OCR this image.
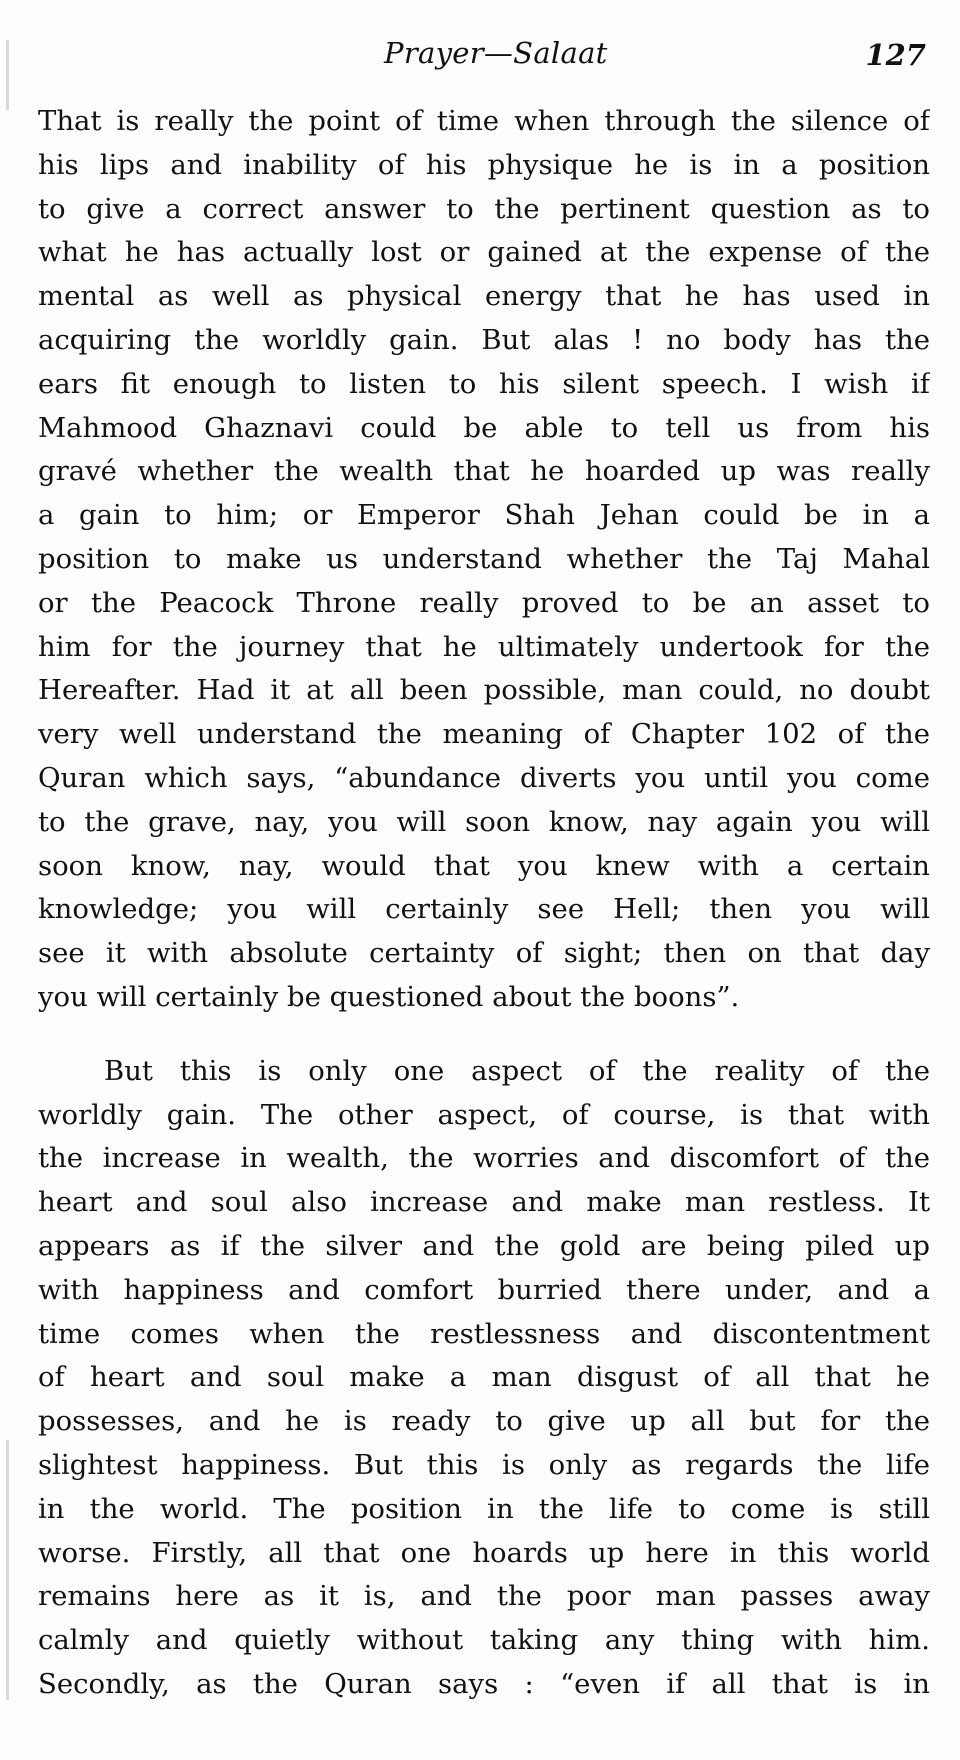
Prayer—Salaat	127
That is really the point of time when through the silence of
his lips and inability of his physique he is in a position
to give a correct answer to the pertinent question as to
what he has actually lost or gained at the expense of the
mental as well as physical energy that he has used in
acquiring the worldly gain. But alas ! no body has the
ears fit enough to listen to his silent speech. I wish if
Mahmood Ghaznavi could be able to tell us from his
gravé whether the wealth that he hoarded up was really
a gain to him; or Emperor Shah Jehan could be in a
position to make us understand whether the Taj Mahal
or the Peacock Throne really proved to be an asset to
him for the journey that he ultimately undertook for the
Hereafter. Had it at all been possible, man could, no doubt
very well understand the meaning of Chapter 102 of the
Quran which says, “abundance diverts you until you come
to the grave, nay, you will soon know, nay again you will
soon know, nay, would that you knew with a certain
knowledge; you will certainly see Hell; then you will
see it with absolute certainty of sight; then on that day
you will certainly be questioned about the boons”.
But this is only one aspect of the reality of the
worldly gain. The other aspect, of course, is that with
the increase in wealth, the worries and discomfort of the
heart and soul also increase and make man restless. It
appears as if the silver and the gold are being piled up
with happiness and comfort burried there under, and a
time comes when the restlessness and discontentment
of heart and soul make a man disgust of all that he
possesses, and he is ready to give up all but for the
slightest happiness. But this is only as regards the life
in the world. The position in the life to come is still
worse. Firstly, all that one hoards up here in this world
remains here as it is, and the poor man passes away
calmly and quietly without taking any thing with him.
Secondly, as the Quran says : “even if all that is in
